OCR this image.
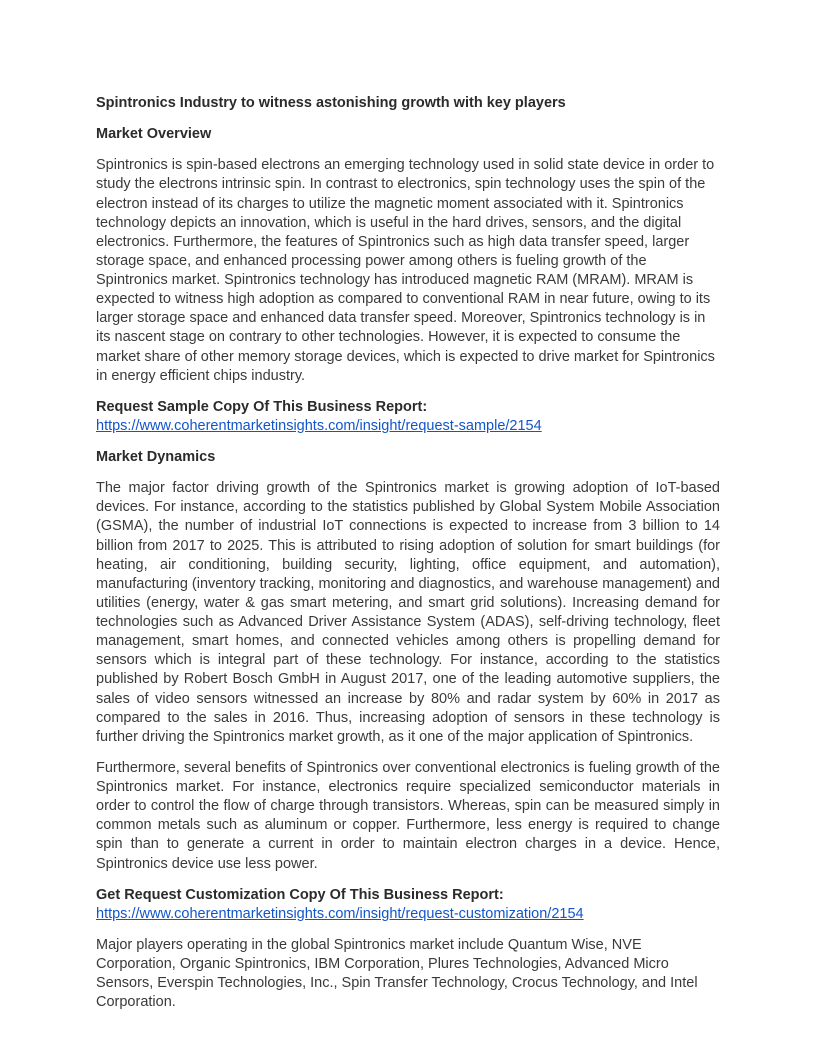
Spintronics Industry to witness astonishing growth with key players

Market Overview

Spintronics is spin-based electrons an emerging technology used in solid state device in order to study the electrons intrinsic spin. In contrast to electronics, spin technology uses the spin of the electron instead of its charges to utilize the magnetic moment associated with it. Spintronics technology depicts an innovation, which is useful in the hard drives, sensors, and the digital electronics. Furthermore, the features of Spintronics such as high data transfer speed, larger storage space, and enhanced processing power among others is fueling growth of the Spintronics market. Spintronics technology has introduced magnetic RAM (MRAM). MRAM is expected to witness high adoption as compared to conventional RAM in near future, owing to its larger storage space and enhanced data transfer speed. Moreover, Spintronics technology is in its nascent stage on contrary to other technologies. However, it is expected to consume the market share of other memory storage devices, which is expected to drive market for Spintronics in energy efficient chips industry.

Request Sample Copy Of This Business Report:
https://www.coherentmarketinsights.com/insight/request-sample/2154

Market Dynamics

The major factor driving growth of the Spintronics market is growing adoption of IoT-based devices. For instance, according to the statistics published by Global System Mobile Association (GSMA), the number of industrial IoT connections is expected to increase from 3 billion to 14 billion from 2017 to 2025. This is attributed to rising adoption of solution for smart buildings (for heating, air conditioning, building security, lighting, office equipment, and automation), manufacturing (inventory tracking, monitoring and diagnostics, and warehouse management) and utilities (energy, water & gas smart metering, and smart grid solutions). Increasing demand for technologies such as Advanced Driver Assistance System (ADAS), self-driving technology, fleet management, smart homes, and connected vehicles among others is propelling demand for sensors which is integral part of these technology. For instance, according to the statistics published by Robert Bosch GmbH in August 2017, one of the leading automotive suppliers, the sales of video sensors witnessed an increase by 80% and radar system by 60% in 2017 as compared to the sales in 2016. Thus, increasing adoption of sensors in these technology is further driving the Spintronics market growth, as it one of the major application of Spintronics.

Furthermore, several benefits of Spintronics over conventional electronics is fueling growth of the Spintronics market. For instance, electronics require specialized semiconductor materials in order to control the flow of charge through transistors. Whereas, spin can be measured simply in common metals such as aluminum or copper. Furthermore, less energy is required to change spin than to generate a current in order to maintain electron charges in a device. Hence, Spintronics device use less power.

Get Request Customization Copy Of This Business Report:
https://www.coherentmarketinsights.com/insight/request-customization/2154

Major players operating in the global Spintronics market include Quantum Wise, NVE Corporation, Organic Spintronics, IBM Corporation, Plures Technologies, Advanced Micro Sensors, Everspin Technologies, Inc., Spin Transfer Technology, Crocus Technology, and Intel Corporation.
